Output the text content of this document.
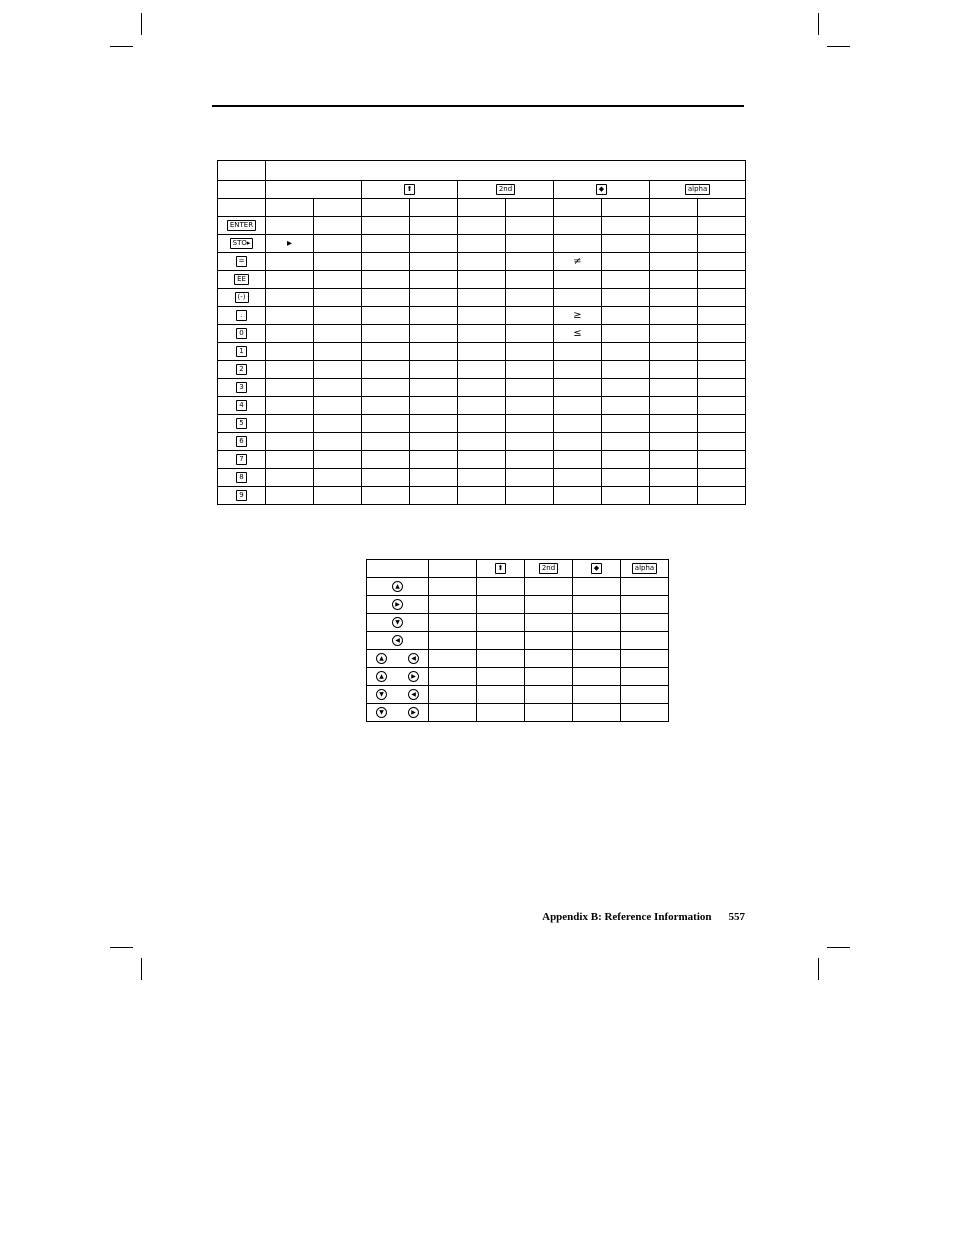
			⬆		2nd		◆		alpha	

ENTER										
STO▸	▸									
=							≠			
EE										
(-)										
.							≥			
0							≤			
1										
2										
3										
4										
5										
6										
7										
8										
9										
		⬆	2nd	◆	alpha

▲					

▶					

▼					

◀					

▲ ◀					

▲ ▶					

▼ ◀					

▼ ▶					

Appendix B: Reference Information 557
